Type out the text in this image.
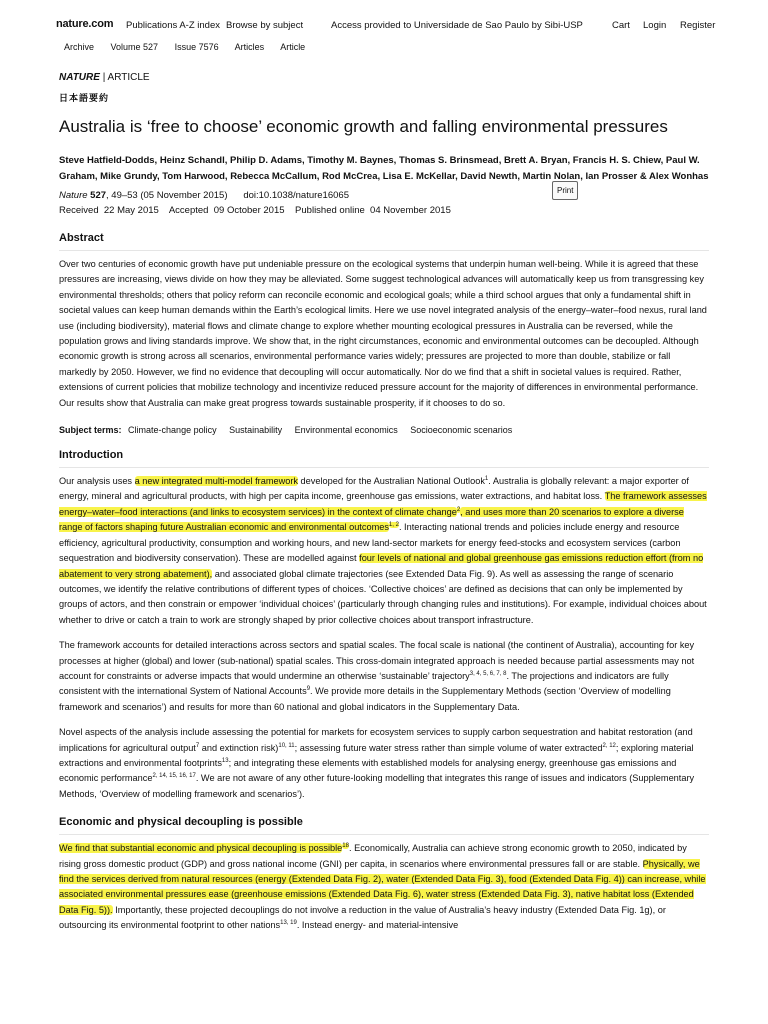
nature.com Publications A-Z index Browse by subject	Access provided to Universidade de Sao Paulo by Sibi-USP	Cart Login Register
Archive Volume 527 Issue 7576 Articles Article
NATURE | ARTICLE
日本語要約
Australia is ‘free to choose’ economic growth and falling environmental pressures
Steve Hatfield-Dodds, Heinz Schandl, Philip D. Adams, Timothy M. Baynes, Thomas S. Brinsmead, Brett A. Bryan, Francis H. S. Chiew, Paul W. Graham, Mike Grundy, Tom Harwood, Rebecca McCallum, Rod McCrea, Lisa E. McKellar, David Newth, Martin Nolan, Ian Prosser & Alex Wonhas
Nature 527, 49–53 (05 November 2015) doi:10.1038/nature16065
Received  22 May 2015    Accepted  09 October 2015    Published online  04 November 2015
Print
Abstract

Over two centuries of economic growth have put undeniable pressure on the ecological systems that underpin human well-being. While it is agreed that these pressures are increasing, views divide on how they may be alleviated. Some suggest technological advances will automatically keep us from transgressing key environmental thresholds; others that policy reform can reconcile economic and ecological goals; while a third school argues that only a fundamental shift in societal values can keep human demands within the Earth’s ecological limits. Here we use novel integrated analysis of the energy–water–food nexus, rural land use (including biodiversity), material flows and climate change to explore whether mounting ecological pressures in Australia can be reversed, while the population grows and living standards improve. We show that, in the right circumstances, economic and environmental outcomes can be decoupled. Although economic growth is strong across all scenarios, environmental performance varies widely; pressures are projected to more than double, stabilize or fall markedly by 2050. However, we find no evidence that decoupling will occur automatically. Nor do we find that a shift in societal values is required. Rather, extensions of current policies that mobilize technology and incentivize reduced pressure account for the majority of differences in environmental performance. Our results show that Australia can make great progress towards sustainable prosperity, if it chooses to do so.

Subject terms: Climate-change policy Sustainability Environmental economics Socioeconomic scenarios
Introduction

Our analysis uses a new integrated multi-model framework developed for the Australian National Outlook$^1$. Australia is globally relevant: a major exporter of energy, mineral and agricultural products, with high per capita income, greenhouse gas emissions, water extractions, and habitat loss. The framework assesses energy–water–food interactions (and links to ecosystem services) in the context of climate change$^2$, and uses more than 20 scenarios to explore a diverse range of factors shaping future Australian economic and environmental outcomes$^{1, 2}$. Interacting national trends and policies include energy and resource efficiency, agricultural productivity, consumption and working hours, and new land-sector markets for energy feed-stocks and ecosystem services (carbon sequestration and biodiversity conservation). These are modelled against four levels of national and global greenhouse gas emissions reduction effort (from no abatement to very strong abatement), and associated global climate trajectories (see Extended Data Fig. 9). As well as assessing the range of scenario outcomes, we identify the relative contributions of different types of choices. ‘Collective choices’ are defined as decisions that can only be implemented by groups of actors, and then constrain or empower ‘individual choices’ (particularly through changing rules and institutions). For example, individual choices about whether to drive or catch a train to work are strongly shaped by prior collective choices about transport infrastructure.

The framework accounts for detailed interactions across sectors and spatial scales. The focal scale is national (the continent of Australia), accounting for key processes at higher (global) and lower (sub-national) spatial scales. This cross-domain integrated approach is needed because partial assessments may not account for constraints or adverse impacts that would undermine an otherwise ‘sustainable’ trajectory$^{3, 4, 5, 6, 7, 8}$. The projections and indicators are fully consistent with the international System of National Accounts$^9$. We provide more details in the Supplementary Methods (section ‘Overview of modelling framework and scenarios’) and results for more than 60 national and global indicators in the Supplementary Data.

Novel aspects of the analysis include assessing the potential for markets for ecosystem services to supply carbon sequestration and habitat restoration (and implications for agricultural output$^7$ and extinction risk)$^{10, 11}$; assessing future water stress rather than simple volume of water extracted$^{2, 12}$; exploring material extractions and environmental footprints$^{13}$; and integrating these elements with established models for analysing energy, greenhouse gas emissions and economic performance$^{2, 14, 15, 16, 17}$. We are not aware of any other future-looking modelling that integrates this range of issues and indicators (Supplementary Methods, ‘Overview of modelling framework and scenarios’).

Economic and physical decoupling is possible

We find that substantial economic and physical decoupling is possible$^{18}$. Economically, Australia can achieve strong economic growth to 2050, indicated by rising gross domestic product (GDP) and gross national income (GNI) per capita, in scenarios where environmental pressures fall or are stable. Physically, we find the services derived from natural resources (energy (Extended Data Fig. 2), water (Extended Data Fig. 3), food (Extended Data Fig. 4)) can increase, while associated environmental pressures ease (greenhouse emissions (Extended Data Fig. 6), water stress (Extended Data Fig. 3), native habitat loss (Extended Data Fig. 5)). Importantly, these projected decouplings do not involve a reduction in the value of Australia’s heavy industry (Extended Data Fig. 1g), or outsourcing its environmental footprint to other nations$^{13, 19}$. Instead energy- and material-intensive
